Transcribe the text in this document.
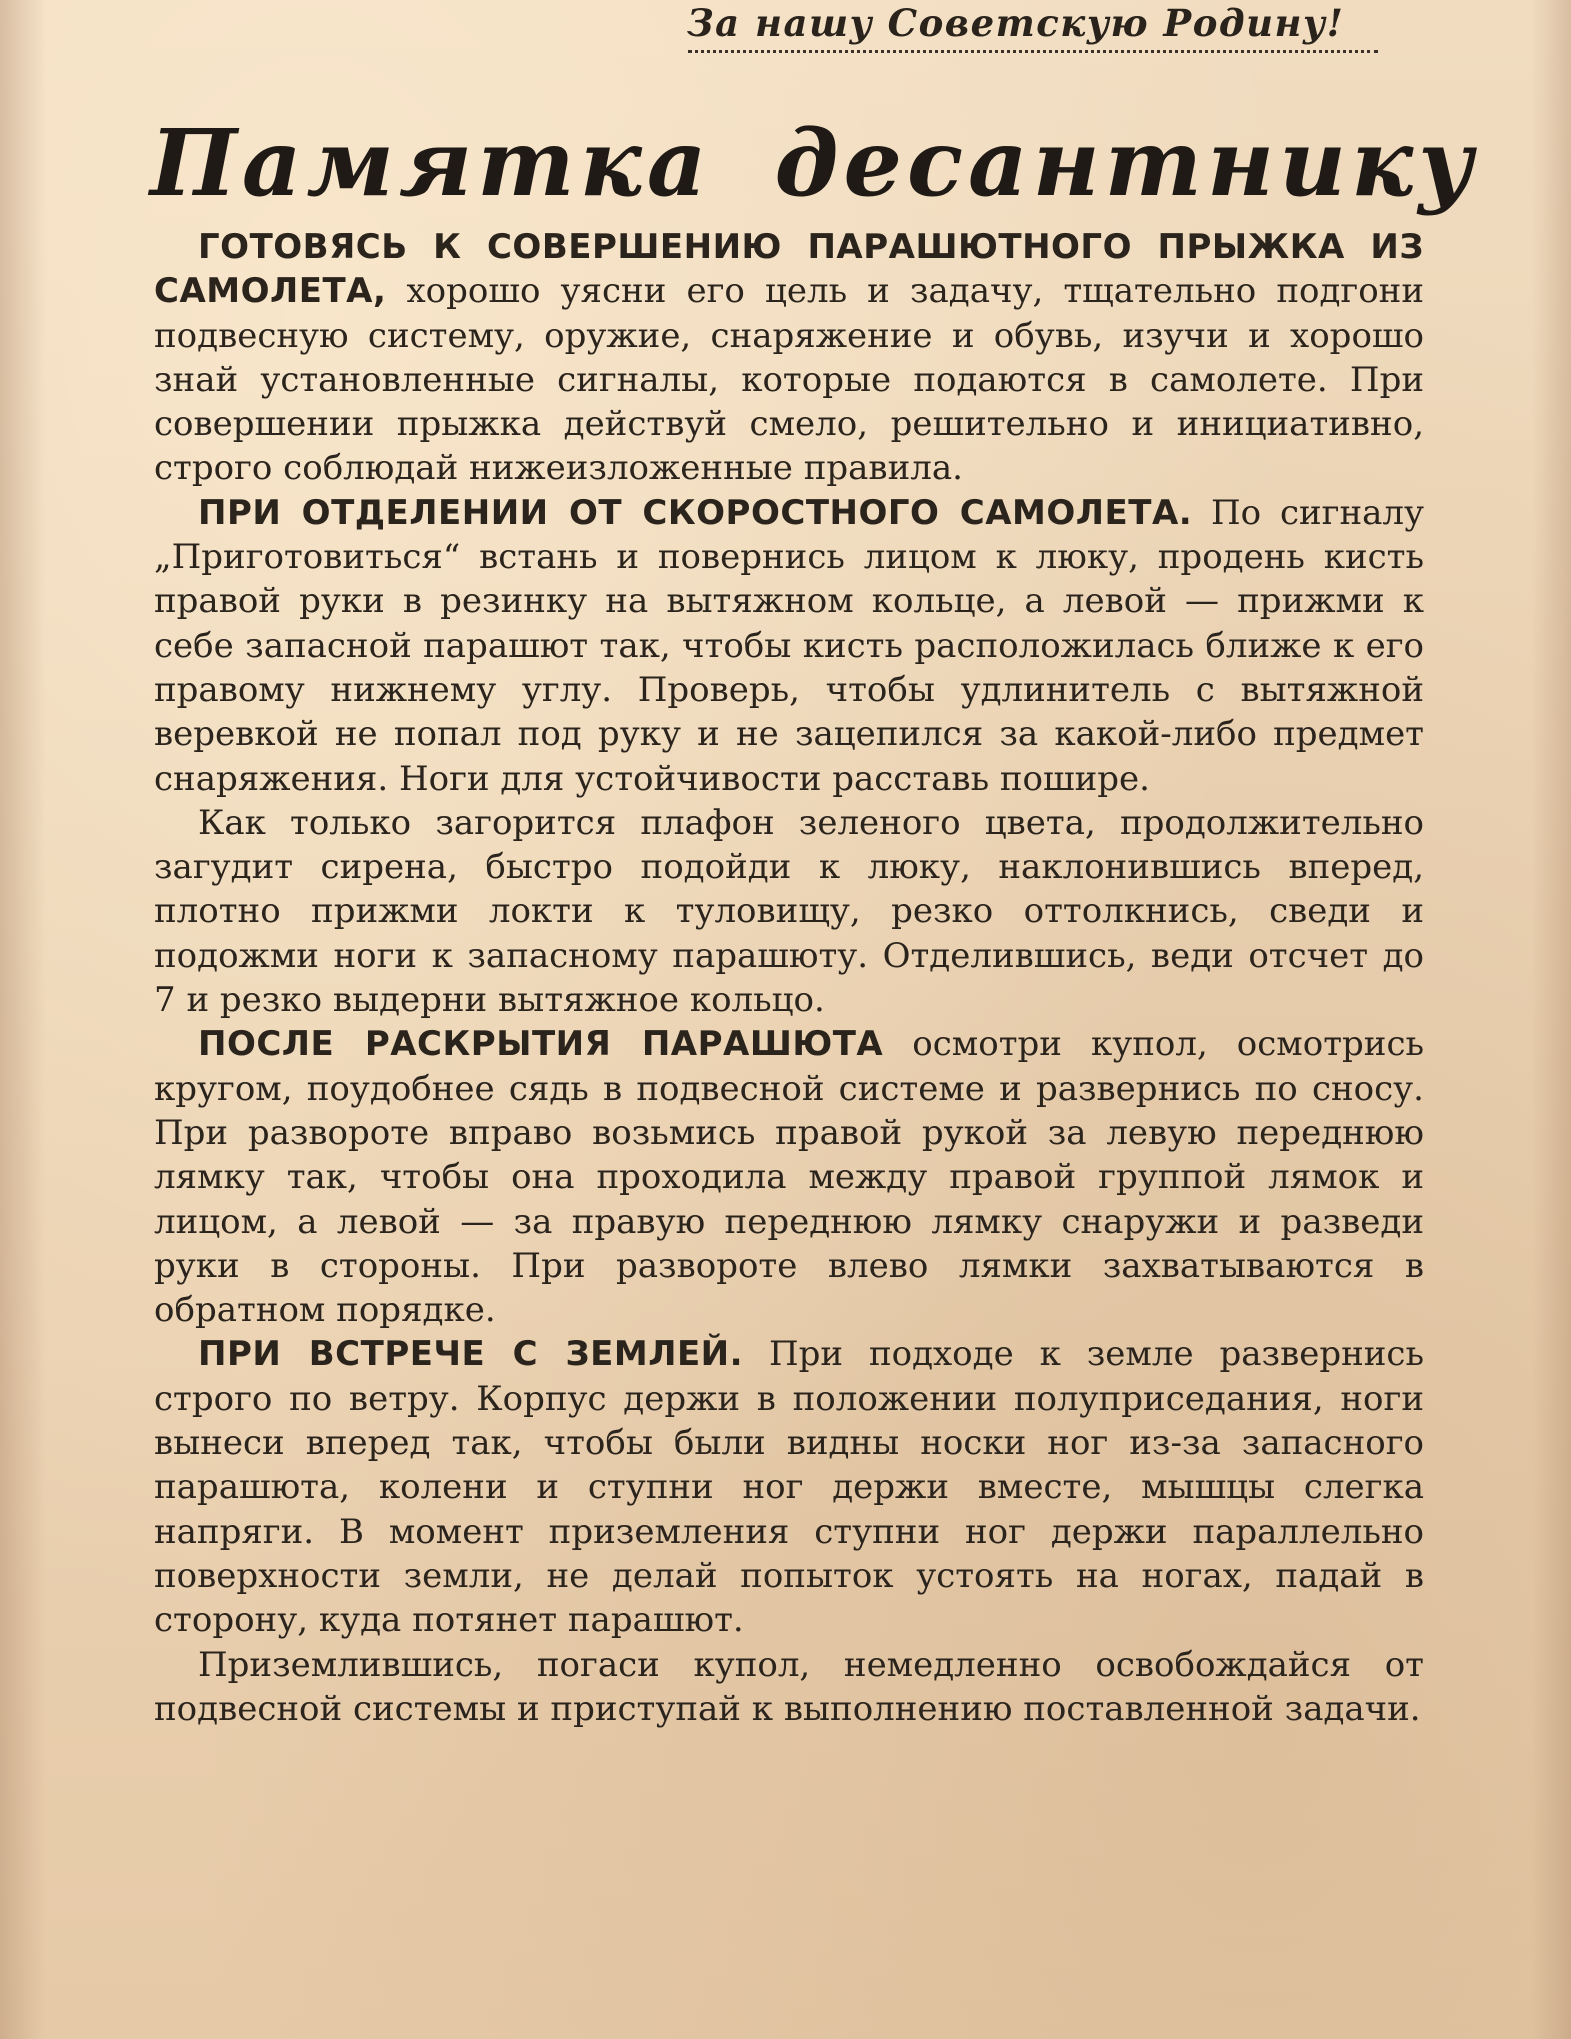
За нашу Советскую Родину!
Памятка десантнику

ГОТОВЯСЬ К СОВЕРШЕНИЮ ПАРАШЮТНОГО ПРЫЖКА ИЗ САМОЛЕТА, хорошо уясни его цель и задачу, тщательно подгони подвесную систему, оружие, снаряжение и обувь, изучи и хорошо знай установленные сигналы, которые подаются в самолете. При совершении прыжка действуй смело, решительно и инициативно, строго соблюдай нижеизложенные правила.

ПРИ ОТДЕЛЕНИИ ОТ СКОРОСТНОГО САМОЛЕТА. По сигналу „Приготовиться“ встань и повернись лицом к люку, продень кисть правой руки в резинку на вытяжном кольце, а левой — прижми к себе запасной парашют так, чтобы кисть расположилась ближе к его правому нижнему углу. Проверь, чтобы удлинитель с вытяжной веревкой не попал под руку и не зацепился за какой-либо предмет снаряжения. Ноги для устойчивости расставь пошире.

Как только загорится плафон зеленого цвета, продолжительно загудит сирена, быстро подойди к люку, наклонившись вперед, плотно прижми локти к туловищу, резко оттолкнись, сведи и подожми ноги к запасному парашюту. Отделившись, веди отсчет до 7 и резко выдерни вытяжное кольцо.

ПОСЛЕ РАСКРЫТИЯ ПАРАШЮТА осмотри купол, осмотрись кругом, поудобнее сядь в подвесной системе и развернись по сносу. При развороте вправо возьмись правой рукой за левую переднюю лямку так, чтобы она проходила между правой группой лямок и лицом, а левой — за правую переднюю лямку снаружи и разведи руки в стороны. При развороте влево лямки захватываются в обратном порядке.

ПРИ ВСТРЕЧЕ С ЗЕМЛЕЙ. При подходе к земле развернись строго по ветру. Корпус держи в положении полуприседания, ноги вынеси вперед так, чтобы были видны носки ног из-за запасного парашюта, колени и ступни ног держи вместе, мышцы слегка напряги. В момент приземления ступни ног держи параллельно поверхности земли, не делай попыток устоять на ногах, падай в сторону, куда потянет парашют.

Приземлившись, погаси купол, немедленно освобождайся от подвесной системы и приступай к выполнению поставленной задачи.
